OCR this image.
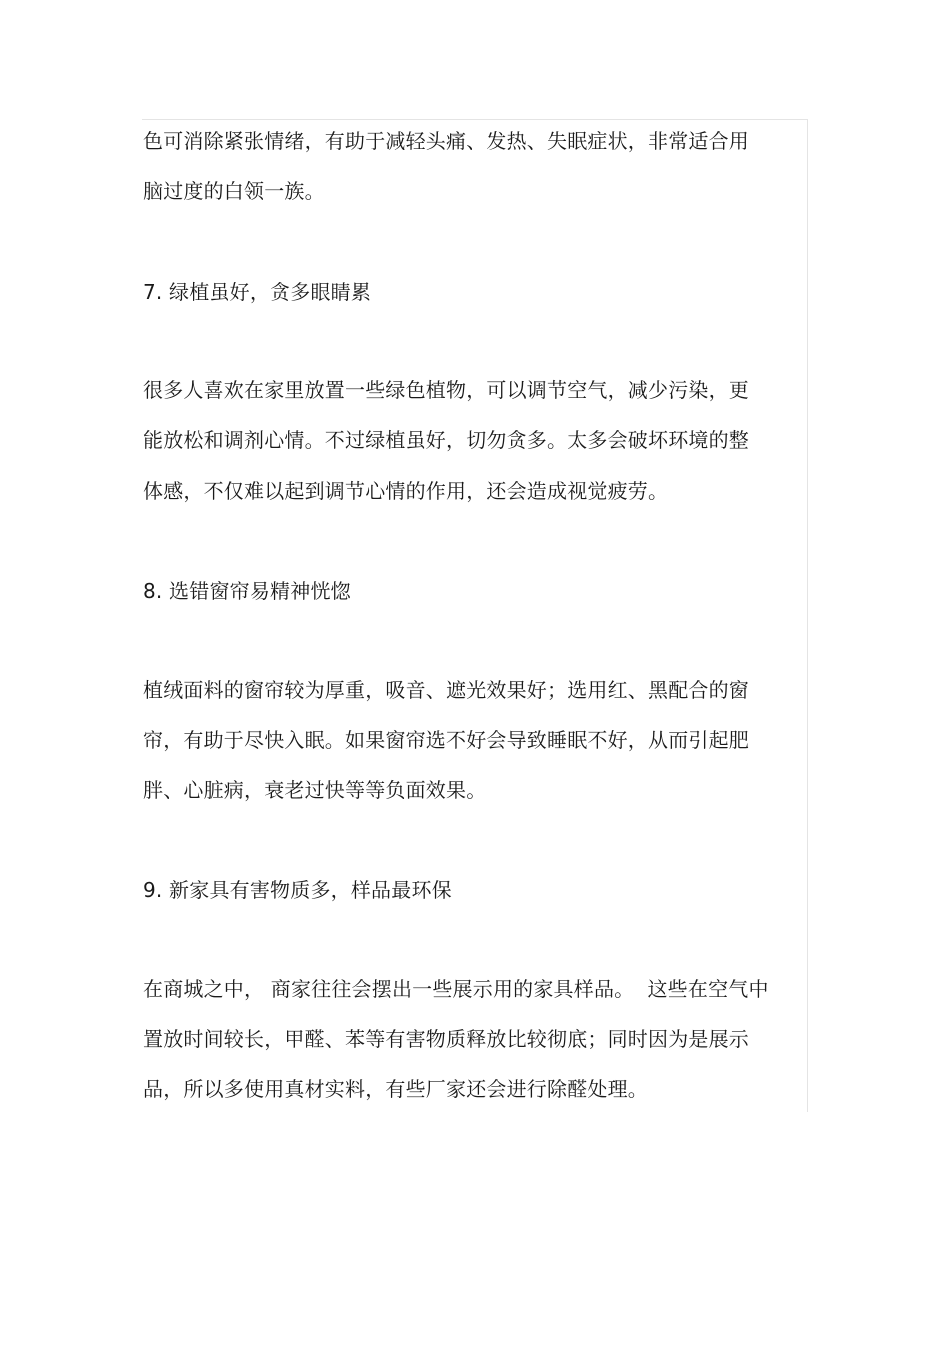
色可消除紧张情绪，有助于减轻头痛、发热、失眠症状，非常适合用

脑过度的白领一族。

7. 绿植虽好，贪多眼睛累

很多人喜欢在家里放置一些绿色植物，可以调节空气，减少污染，更

能放松和调剂心情。不过绿植虽好，切勿贪多。太多会破坏环境的整

体感，不仅难以起到调节心情的作用，还会造成视觉疲劳。

8. 选错窗帘易精神恍惚

植绒面料的窗帘较为厚重，吸音、遮光效果好；选用红、黑配合的窗

帘，有助于尽快入眠。如果窗帘选不好会导致睡眠不好，从而引起肥

胖、心脏病，衰老过快等等负面效果。

9. 新家具有害物质多，样品最环保

在商城之中， 商家往往会摆出一些展示用的家具样品。  这些在空气中

置放时间较长，甲醛、苯等有害物质释放比较彻底；同时因为是展示

品，所以多使用真材实料，有些厂家还会进行除醛处理。
